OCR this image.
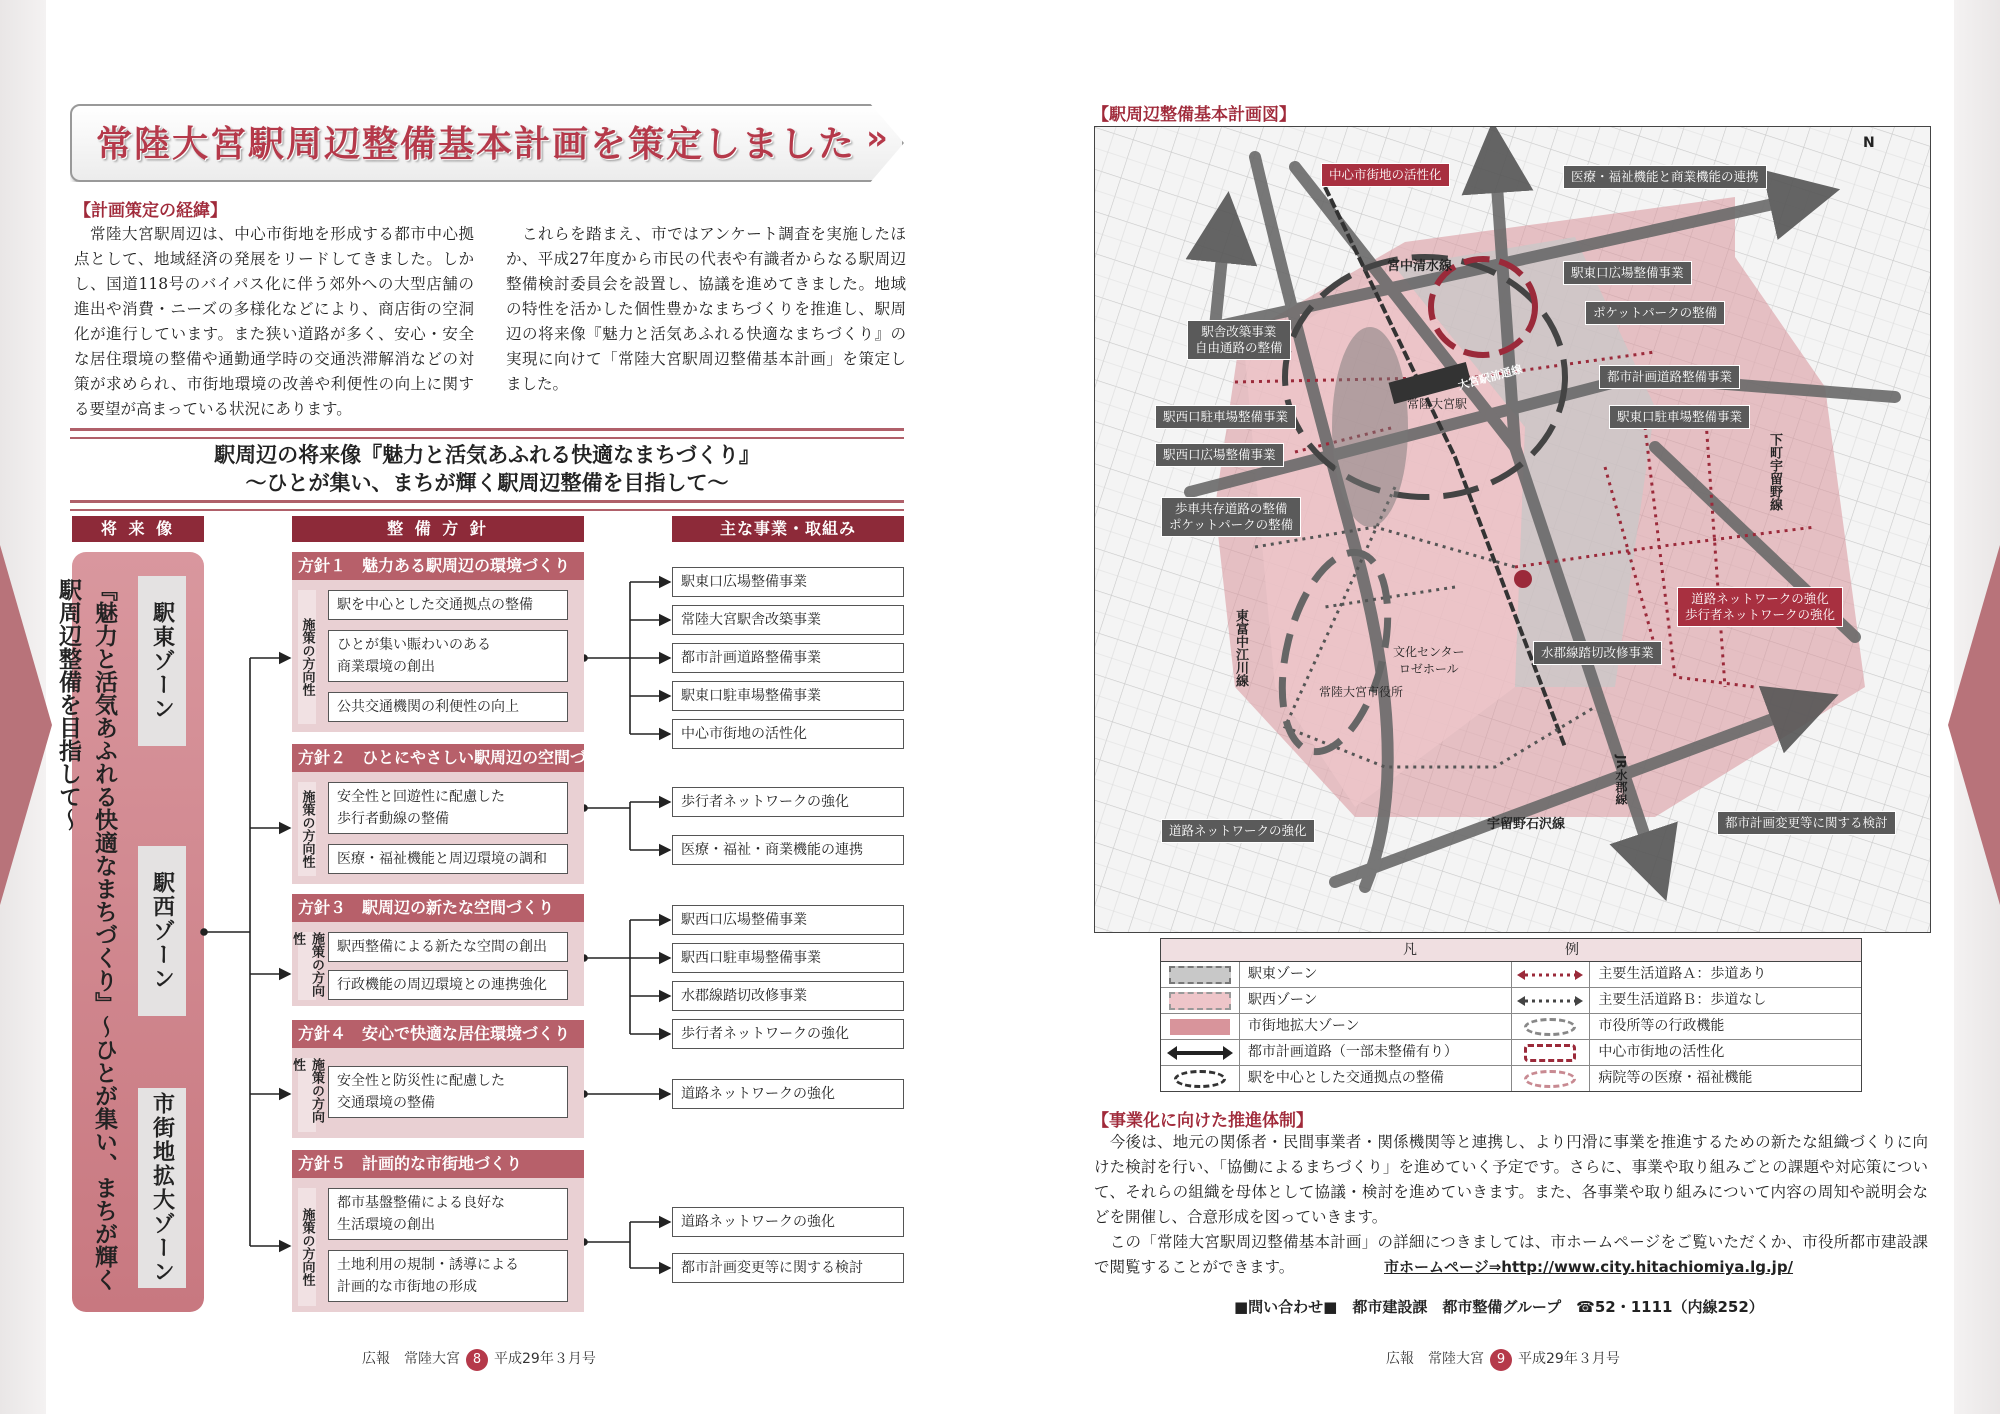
常陸大宮駅周辺整備基本計画を策定しました »
【計画策定の経緯】
　常陸大宮駅周辺は、中心市街地を形成する都市中心拠点として、地域経済の発展をリードしてきました。しかし、国道118号のバイパス化に伴う郊外への大型店舗の進出や消費・ニーズの多様化などにより、商店街の空洞化が進行しています。また狭い道路が多く、安心・安全な居住環境の整備や通勤通学時の交通渋滞解消などの対策が求められ、市街地環境の改善や利便性の向上に関する要望が高まっている状況にあります。
　これらを踏まえ、市ではアンケート調査を実施したほか、平成27年度から市民の代表や有識者からなる駅周辺整備検討委員会を設置し、協議を進めてきました。地域の特性を活かした個性豊かなまちづくりを推進し、駅周辺の将来像『魅力と活気あふれる快適なまちづくり』の実現に向けて「常陸大宮駅周辺整備基本計画」を策定しました。
駅周辺の将来像『魅力と活気あふれる快適なまちづくり』
～ひとが集い、まちが輝く駅周辺整備を目指して～
将 来 像	整 備 方 針	主な事業・取組み
『魅力と活気あふれる快適なまちづくり』～ひとが集い、まちが輝く駅周辺整備を目指して～	駅東ゾーン
駅西ゾーン
市街地拡大ゾーン
方針１　魅力ある駅周辺の環境づくり
施策の方向性
駅を中心とした交通拠点の整備
ひとが集い賑わいのある
商業環境の創出
公共交通機関の利便性の向上
方針２　ひとにやさしい駅周辺の空間づくり
施策の方向性	安全性と回遊性に配慮した
歩行者動線の整備
医療・福祉機能と周辺環境の調和
方針３　駅周辺の新たな空間づくり
施策の方向性
駅西整備による新たな空間の創出
行政機能の周辺環境との連携強化
方針４　安心で快適な居住環境づくり
施策の方向性
安全性と防災性に配慮した
交通環境の整備
方針５　計画的な市街地づくり
施策の方向性
都市基盤整備による良好な
生活環境の創出
土地利用の規制・誘導による
計画的な市街地の形成
駅東口広場整備事業
常陸大宮駅舎改築事業
都市計画道路整備事業
駅東口駐車場整備事業
中心市街地の活性化
歩行者ネットワークの強化
医療・福祉・商業機能の連携
駅西口広場整備事業
駅西口駐車場整備事業
水郡線踏切改修事業
歩行者ネットワークの強化
道路ネットワークの強化
道路ネットワークの強化
都市計画変更等に関する検討
広報　常陸大宮 8 平成29年３月号
【駅周辺整備基本計画図】
中心市街地の活性化	医療・福祉機能と商業機能の連携
駅東口広場整備事業
ポケットパークの整備
駅舎改築事業
自由通路の整備
都市計画道路整備事業
駅西口駐車場整備事業	駅東口駐車場整備事業
駅西口広場整備事業
歩車共存道路の整備
ポケットパークの整備
道路ネットワークの強化
歩行者ネットワークの強化
水郡線踏切改修事業
道路ネットワークの強化
都市計画変更等に関する検討
宮中清水線
下町宇留野線
東富中江川線
宇留野石沢線
JR水郡線
常陸大宮駅
大宮駅前通線
文化センター
ロゼホール
常陸大宮市役所
N
凡　　例
駅東ゾーン	主要生活道路Ａ：歩道あり
駅西ゾーン	主要生活道路Ｂ：歩道なし
市街地拡大ゾーン	市役所等の行政機能
都市計画道路（一部未整備有り）	中心市街地の活性化
駅を中心とした交通拠点の整備	病院等の医療・福祉機能
【事業化に向けた推進体制】
　今後は、地元の関係者・民間事業者・関係機関等と連携し、より円滑に事業を推進するための新たな組織づくりに向けた検討を行い、「協働によるまちづくり」を進めていく予定です。さらに、事業や取り組みごとの課題や対応策について、それらの組織を母体として協議・検討を進めていきます。また、各事業や取り組みについて内容の周知や説明会などを開催し、合意形成を図っていきます。
　この「常陸大宮駅周辺整備基本計画」の詳細につきましては、市ホームページをご覧いただくか、市役所都市建設課で閲覧することができます。	市ホームページ⇒http://www.city.hitachiomiya.lg.jp/
■問い合わせ■　都市建設課　都市整備グループ　☎52・1111（内線252）
広報　常陸大宮 9 平成29年３月号
